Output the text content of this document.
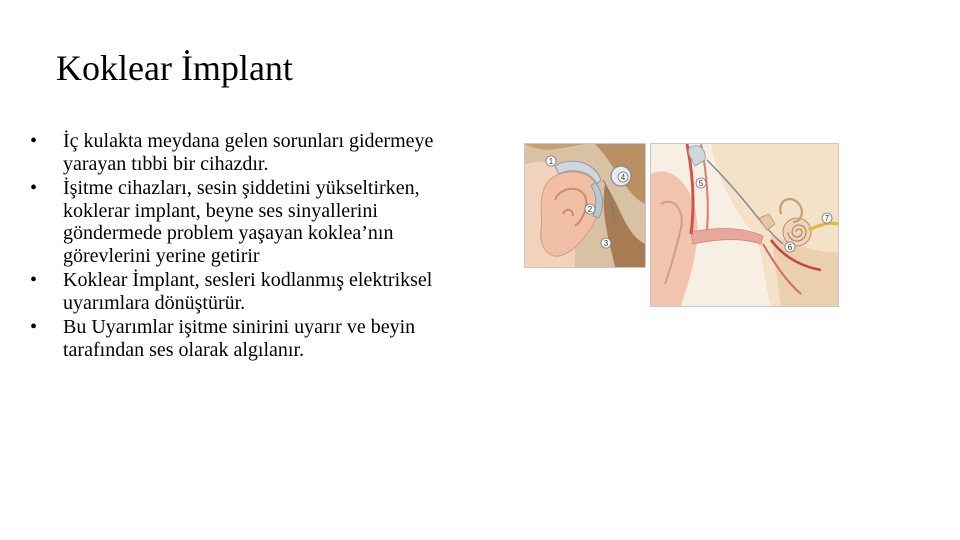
Koklear İmplant
• İç kulakta meydana gelen sorunları gidermeye yarayan tıbbi bir cihazdır.
• İşitme cihazları, sesin şiddetini yükseltirken, koklerar implant, beyne ses sinyallerini göndermede problem yaşayan koklea’nın görevlerini yerine getirir
• Koklear İmplant, sesleri kodlanmış elektriksel uyarımlara dönüştürür.
• Bu Uyarımlar işitme sinirini uyarır ve beyin tarafından ses olarak algılanır.
1
2
3
4
5
6
7
